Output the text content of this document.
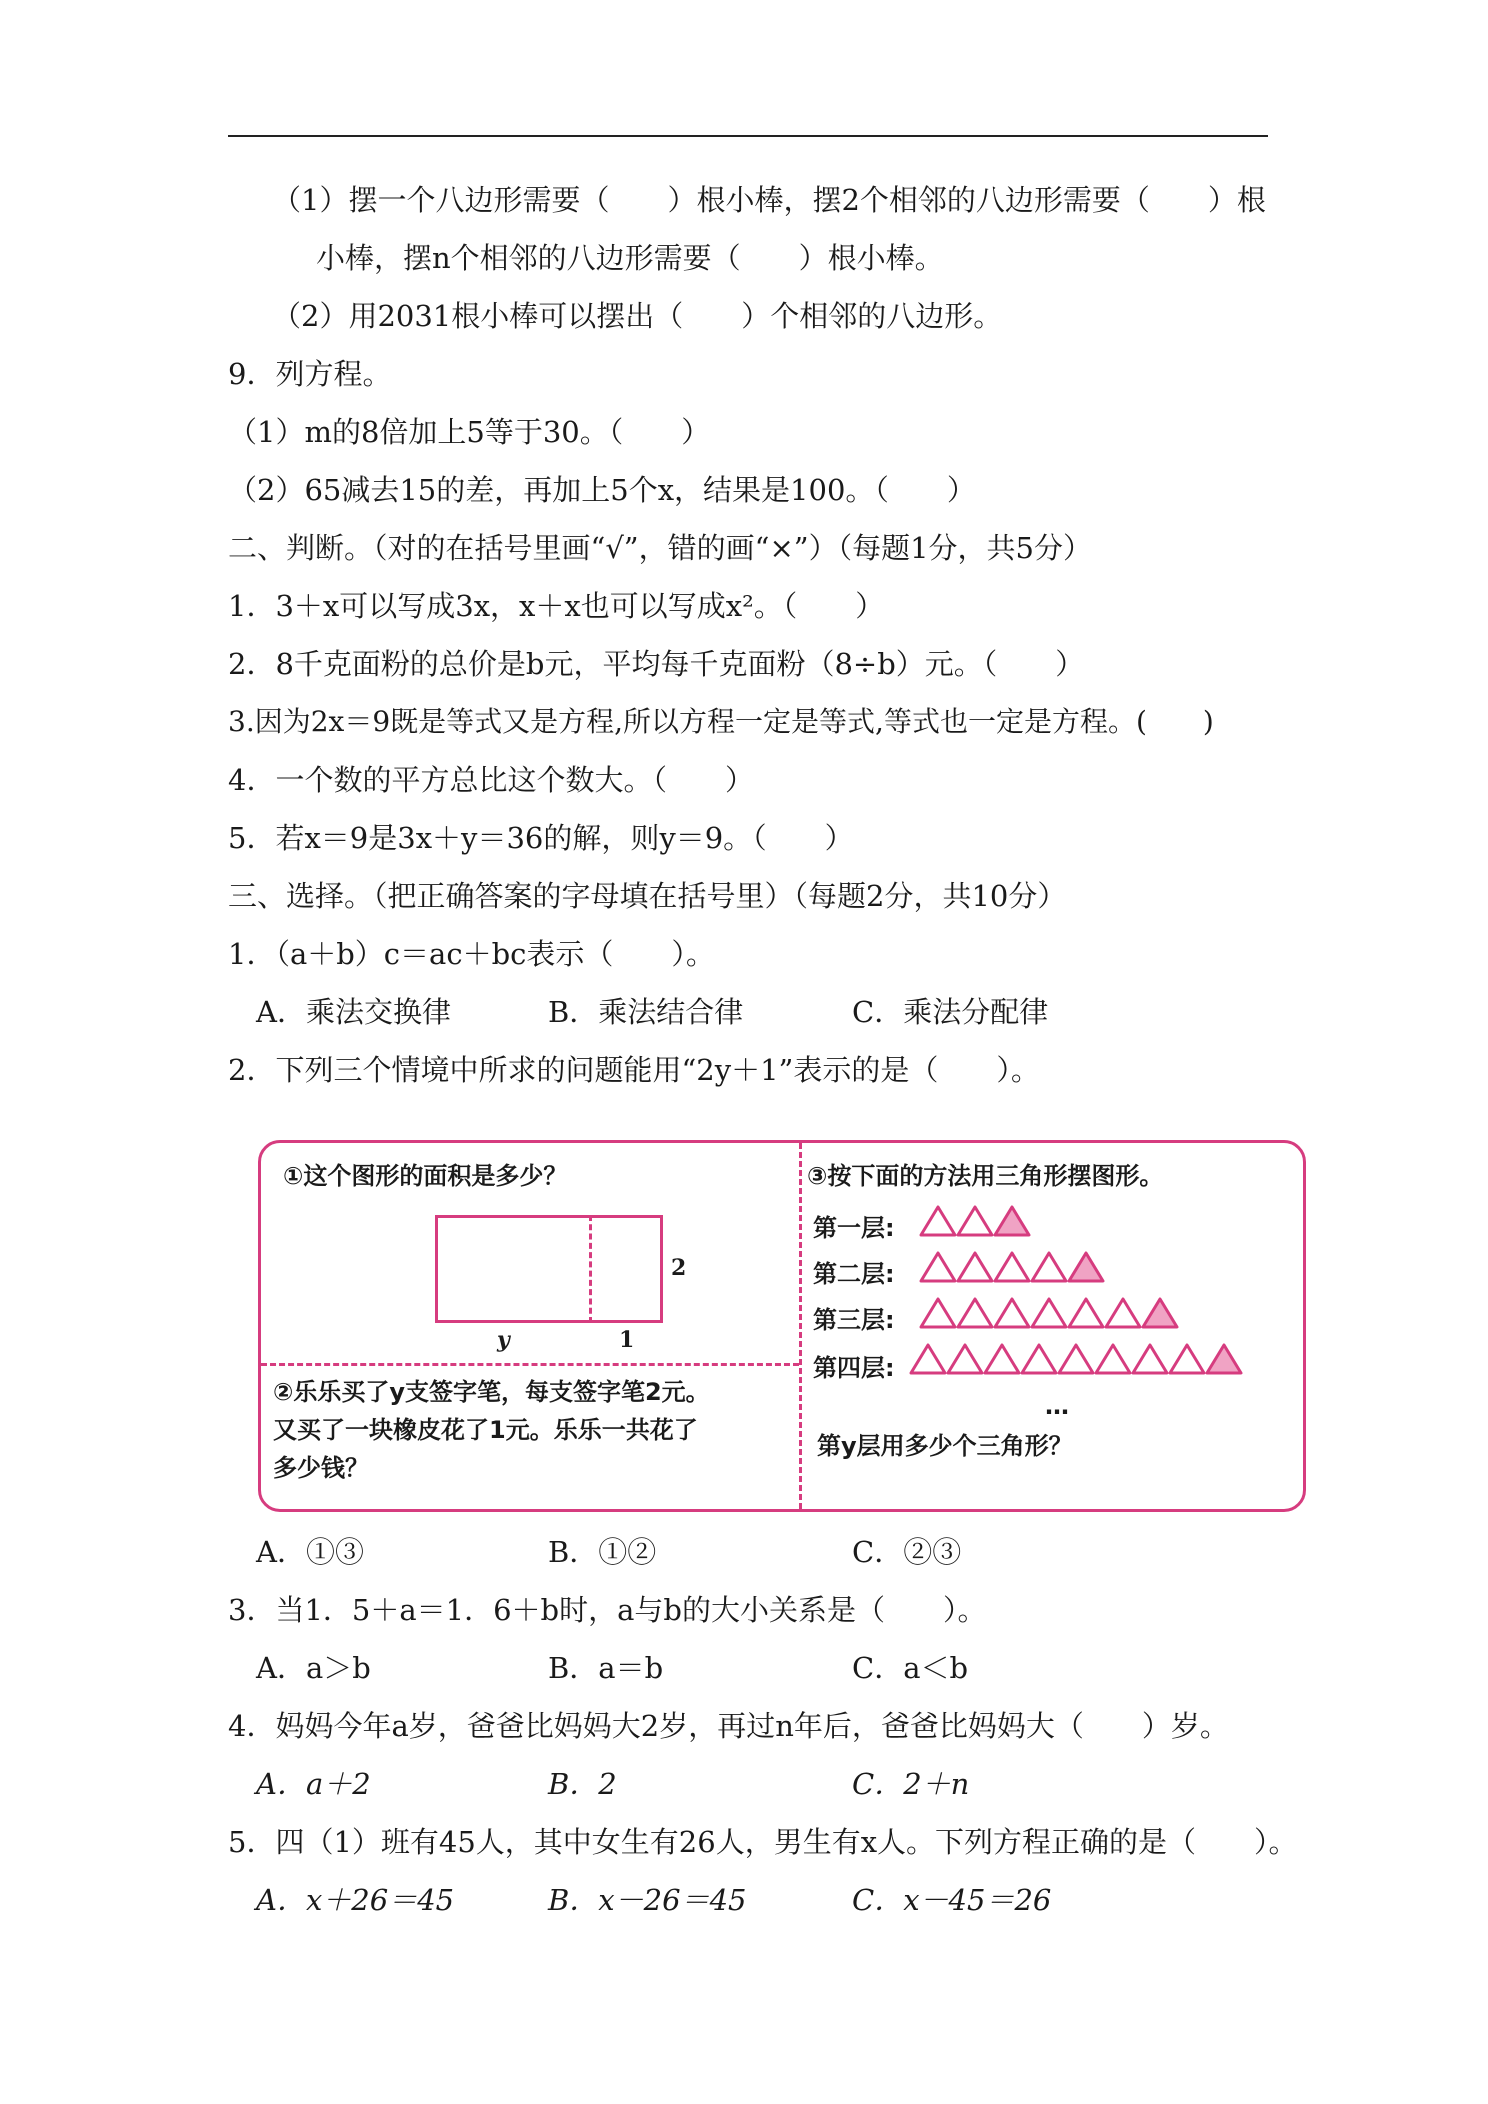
（1）摆一个八边形需要（　　）根小棒，摆2个相邻的八边形需要（　　）根
小棒，摆n个相邻的八边形需要（　　）根小棒。
（2）用2031根小棒可以摆出（　　）个相邻的八边形。
9．列方程。
（1）m的8倍加上5等于30。（　　）
（2）65减去15的差，再加上5个x，结果是100。（　　）
二、判断。（对的在括号里画“√”，错的画“×”）（每题1分，共5分）
1．3＋x可以写成3x，x＋x也可以写成x²。（　　）
2．8千克面粉的总价是b元，平均每千克面粉（8÷b）元。（　　）
3.因为2x＝9既是等式又是方程,所以方程一定是等式,等式也一定是方程。(　　)
4．一个数的平方总比这个数大。（　　）
5．若x＝9是3x＋y＝36的解，则y＝9。（　　）
三、选择。（把正确答案的字母填在括号里）（每题2分，共10分）
1．（a＋b）c＝ac＋bc表示（　　）。
A．乘法交换律	B．乘法结合律	C．乘法分配律
2．下列三个情境中所求的问题能用“2y＋1”表示的是（　　）。
①这个图形的面积是多少？
2
y	1
②乐乐买了y支签字笔，每支签字笔2元。
又买了一块橡皮花了1元。乐乐一共花了
多少钱？
③按下面的方法用三角形摆图形。
第一层:
第二层:
第三层:
第四层:
…
第y层用多少个三角形？
A．①③	B．①②	C．②③
3．当1．5＋a＝1．6＋b时，a与b的大小关系是（　　）。
A．a＞b	B．a＝b	C．a＜b
4．妈妈今年a岁，爸爸比妈妈大2岁，再过n年后，爸爸比妈妈大（　　）岁。
A．a＋2	B．2	C．2＋n
5．四（1）班有45人，其中女生有26人，男生有x人。下列方程正确的是（　　）。
A．x＋26＝45	B．x－26＝45	C．x－45＝26
